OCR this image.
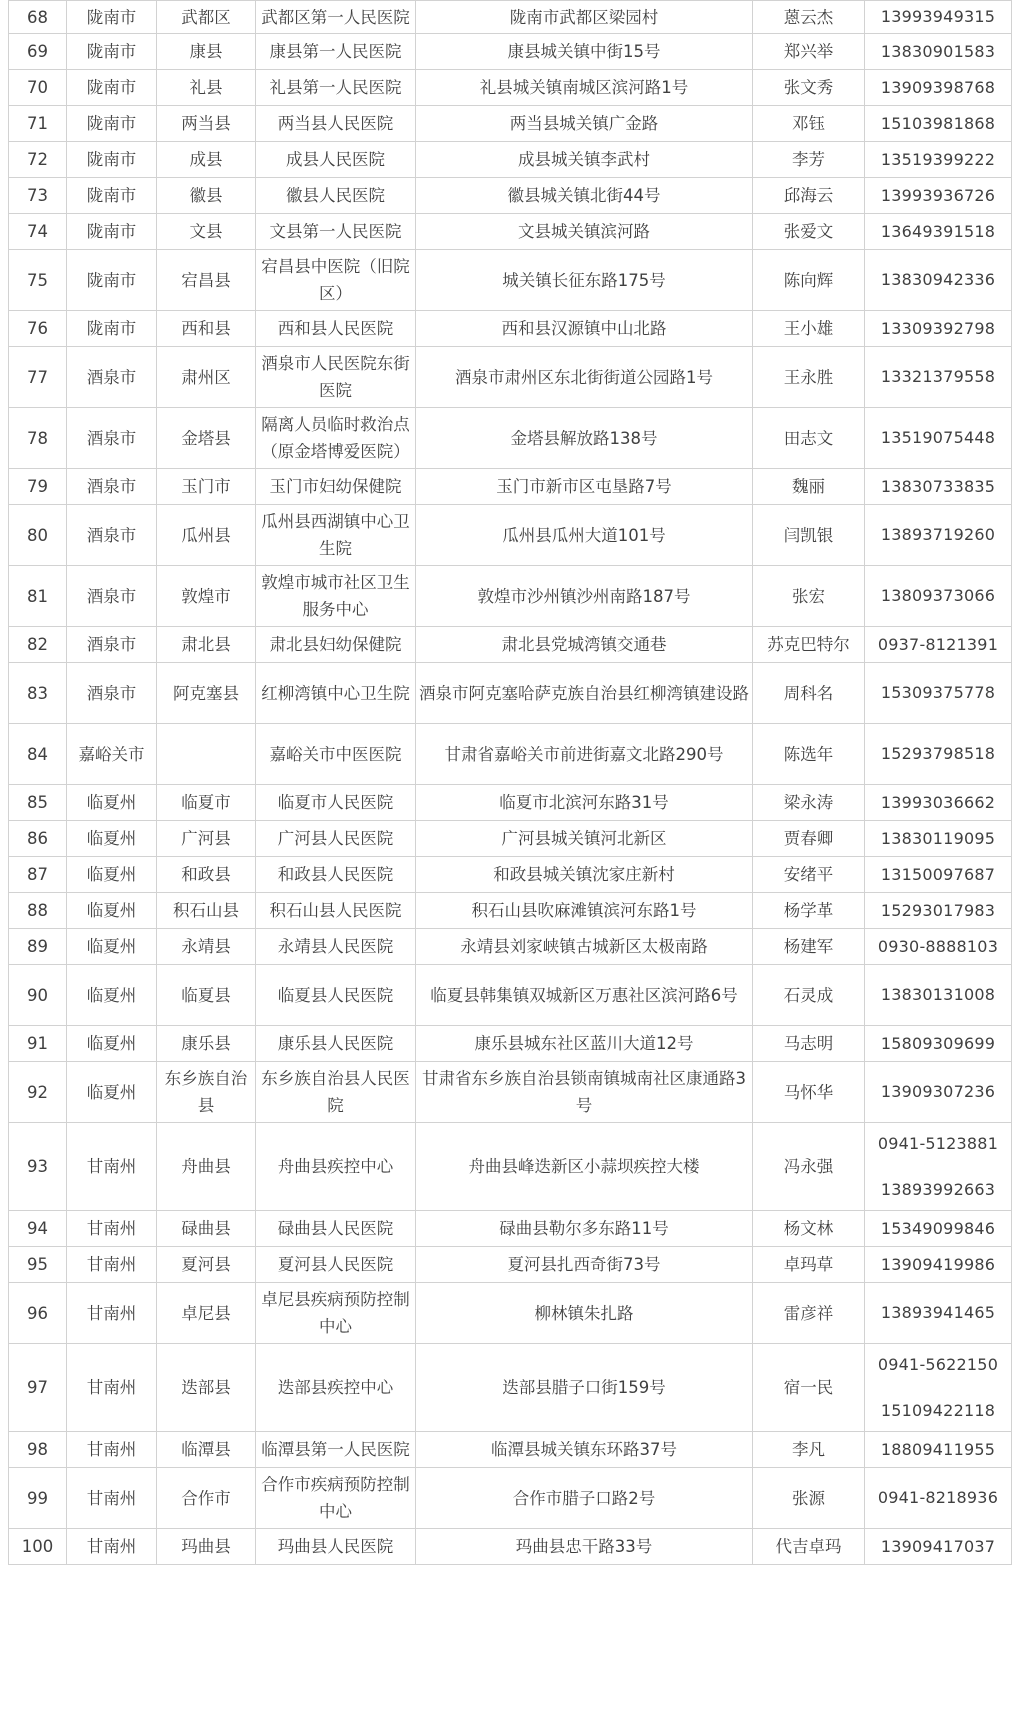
68	陇南市	武都区	武都区第一人民医院	陇南市武都区梁园村	蒽云杰	13993949315

69	陇南市	康县	康县第一人民医院	康县城关镇中街15号	郑兴举	13830901583

70	陇南市	礼县	礼县第一人民医院	礼县城关镇南城区滨河路1号	张文秀	13909398768

71	陇南市	两当县	两当县人民医院	两当县城关镇广金路	邓钰	15103981868

72	陇南市	成县	成县人民医院	成县城关镇李武村	李芳	13519399222

73	陇南市	徽县	徽县人民医院	徽县城关镇北街44号	邱海云	13993936726

74	陇南市	文县	文县第一人民医院	文县城关镇滨河路	张爱文	13649391518

75	陇南市	宕昌县	宕昌县中医院（旧院区）	城关镇长征东路175号	陈向辉	13830942336

76	陇南市	西和县	西和县人民医院	西和县汉源镇中山北路	王小雄	13309392798

77	酒泉市	肃州区	酒泉市人民医院东街医院	酒泉市肃州区东北街街道公园路1号	王永胜	13321379558

78	酒泉市	金塔县	隔离人员临时救治点（原金塔博爱医院）	金塔县解放路138号	田志文	13519075448

79	酒泉市	玉门市	玉门市妇幼保健院	玉门市新市区屯垦路7号	魏丽	13830733835

80	酒泉市	瓜州县	瓜州县西湖镇中心卫生院	瓜州县瓜州大道101号	闫凯银	13893719260

81	酒泉市	敦煌市	敦煌市城市社区卫生服务中心	敦煌市沙州镇沙州南路187号	张宏	13809373066

82	酒泉市	肃北县	肃北县妇幼保健院	肃北县党城湾镇交通巷	苏克巴特尔	0937-8121391

83	酒泉市	阿克塞县	红柳湾镇中心卫生院	酒泉市阿克塞哈萨克族自治县红柳湾镇建设路	周科名	15309375778

84	嘉峪关市		嘉峪关市中医医院	甘肃省嘉峪关市前进街嘉文北路290号	陈选年	15293798518

85	临夏州	临夏市	临夏市人民医院	临夏市北滨河东路31号	梁永涛	13993036662

86	临夏州	广河县	广河县人民医院	广河县城关镇河北新区	贾春卿	13830119095

87	临夏州	和政县	和政县人民医院	和政县城关镇沈家庄新村	安绪平	13150097687

88	临夏州	积石山县	积石山县人民医院	积石山县吹麻滩镇滨河东路1号	杨学革	15293017983

89	临夏州	永靖县	永靖县人民医院	永靖县刘家峡镇古城新区太极南路	杨建军	0930-8888103

90	临夏州	临夏县	临夏县人民医院	临夏县韩集镇双城新区万惠社区滨河路6号	石灵成	13830131008

91	临夏州	康乐县	康乐县人民医院	康乐县城东社区蓝川大道12号	马志明	15809309699

92	临夏州	东乡族自治县	东乡族自治县人民医院	甘肃省东乡族自治县锁南镇城南社区康通路3号	马怀华	13909307236

93	甘南州	舟曲县	舟曲县疾控中心	舟曲县峰迭新区小蒜坝疾控大楼	冯永强	0941-5123881
13893992663

94	甘南州	碌曲县	碌曲县人民医院	碌曲县勒尔多东路11号	杨文林	15349099846

95	甘南州	夏河县	夏河县人民医院	夏河县扎西奇街73号	卓玛草	13909419986

96	甘南州	卓尼县	卓尼县疾病预防控制中心	柳林镇朱扎路	雷彦祥	13893941465

97	甘南州	迭部县	迭部县疾控中心	迭部县腊子口街159号	宿一民	0941-5622150
15109422118

98	甘南州	临潭县	临潭县第一人民医院	临潭县城关镇东环路37号	李凡	18809411955

99	甘南州	合作市	合作市疾病预防控制中心	合作市腊子口路2号	张源	0941-8218936

100	甘南州	玛曲县	玛曲县人民医院	玛曲县忠干路33号	代吉卓玛	13909417037
